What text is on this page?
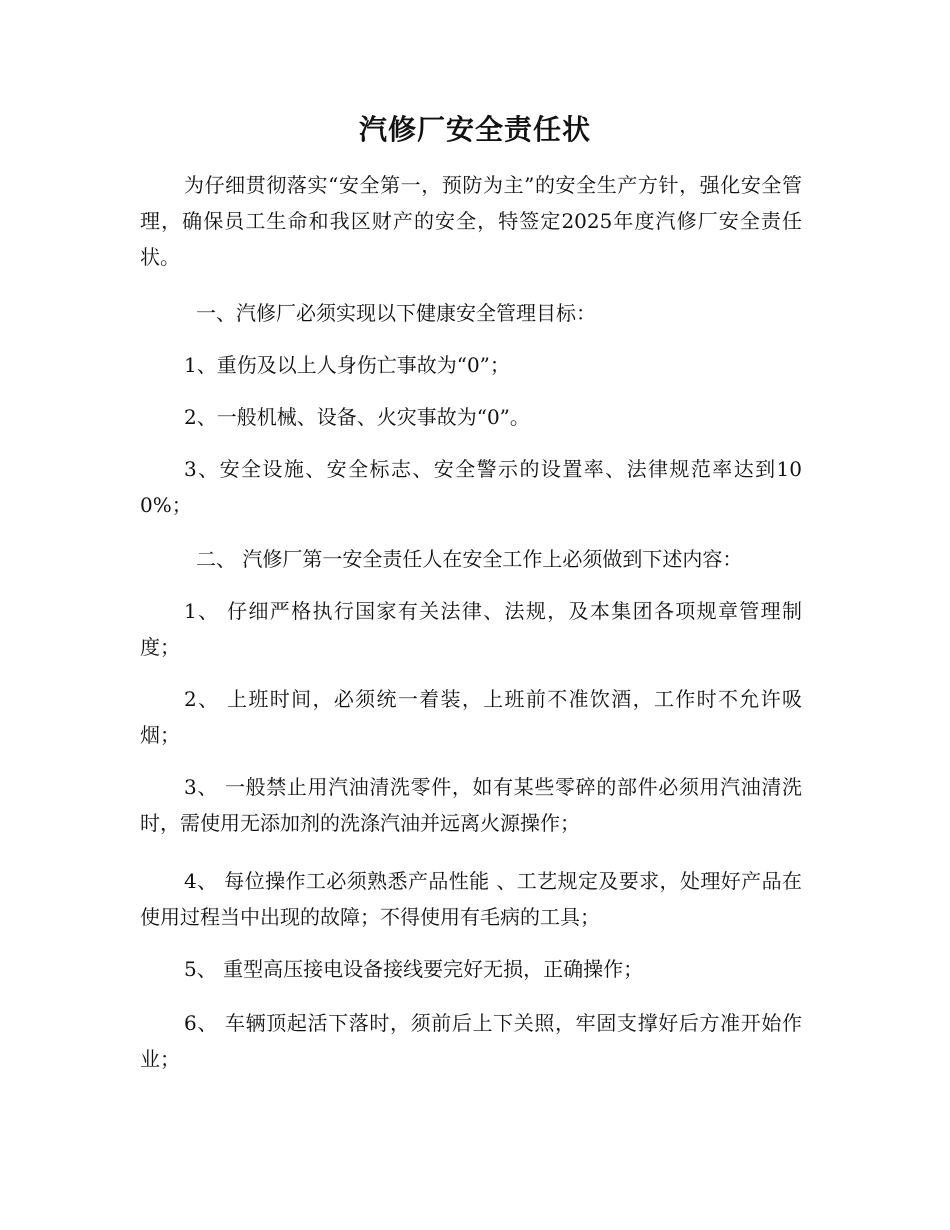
汽修厂安全责任状

为仔细贯彻落实“安全第一，预防为主”的安全生产方针，强化安全管理，确保员工生命和我区财产的安全，特签定2025年度汽修厂安全责任状。

一、汽修厂必须实现以下健康安全管理目标：

1、重伤及以上人身伤亡事故为“0”；

2、一般机械、设备、火灾事故为“0”。

3、安全设施、安全标志、安全警示的设置率、法律规范率达到100%；

二、 汽修厂第一安全责任人在安全工作上必须做到下述内容：

1、 仔细严格执行国家有关法律、法规，及本集团各项规章管理制度；

2、 上班时间，必须统一着装，上班前不准饮酒，工作时不允许吸烟；

3、 一般禁止用汽油清洗零件，如有某些零碎的部件必须用汽油清洗时，需使用无添加剂的洗涤汽油并远离火源操作；

4、 每位操作工必须熟悉产品性能 、工艺规定及要求，处理好产品在使用过程当中出现的故障；不得使用有毛病的工具；

5、 重型高压接电设备接线要完好无损，正确操作；

6、 车辆顶起活下落时，须前后上下关照，牢固支撑好后方准开始作业；
